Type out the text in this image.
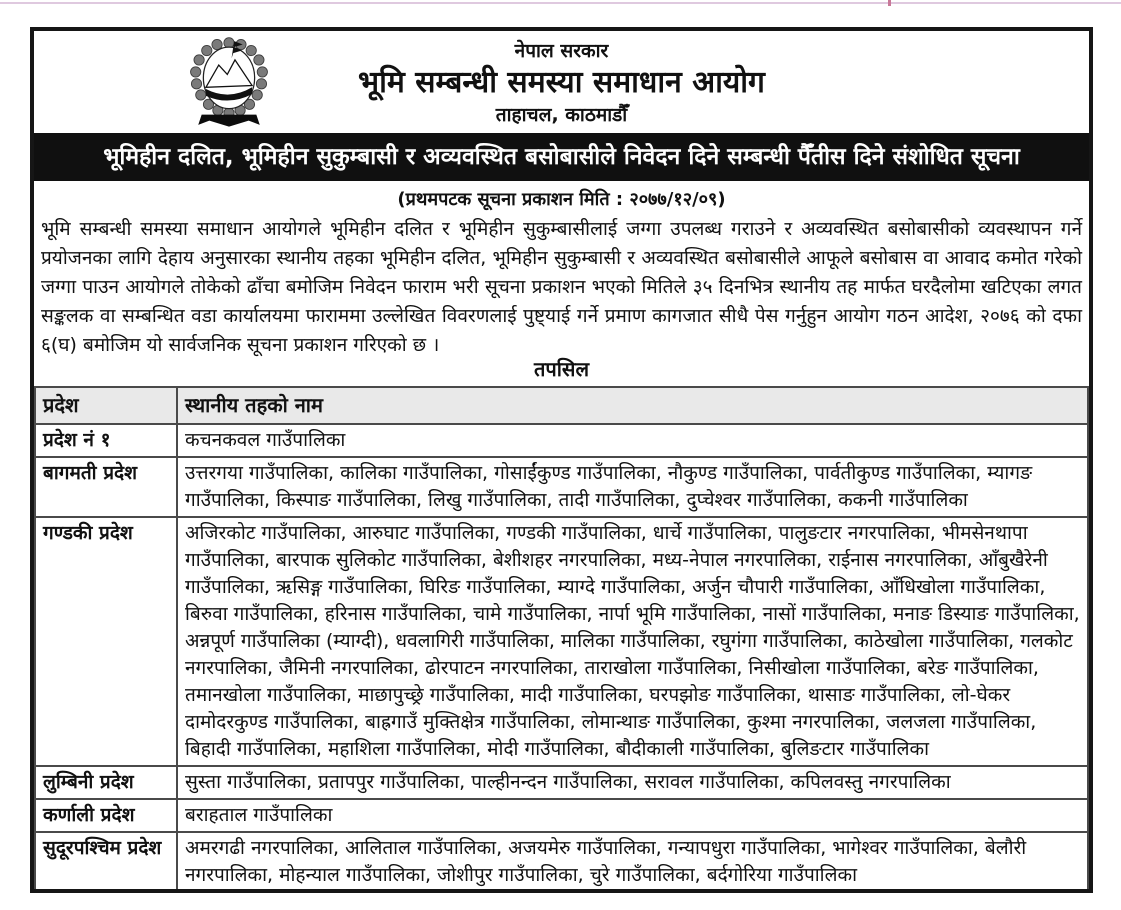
नेपाल सरकार
भूमि सम्बन्धी समस्या समाधान आयोग
ताहाचल, काठमाडौँ
भूमिहीन दलित, भूमिहीन सुकुम्बासी र अव्यवस्थित बसोबासीले निवेदन दिने सम्बन्धी पैँतीस दिने संशोधित सूचना
(प्रथमपटक सूचना प्रकाशन मिति : २०७७/१२/०९)
भूमि सम्बन्धी समस्या समाधान आयोगले भूमिहीन दलित र भूमिहीन सुकुम्बासीलाई जग्गा उपलब्ध गराउने र अव्यवस्थित बसोबासीको व्यवस्थापन गर्ने प्रयोजनका लागि देहाय अनुसारका स्थानीय तहका भूमिहीन दलित, भूमिहीन सुकुम्बासी र अव्यवस्थित बसोबासीले आफूले बसोबास वा आवाद कमोत गरेको जग्गा पाउन आयोगले तोकेको ढाँचा बमोजिम निवेदन फाराम भरी सूचना प्रकाशन भएको मितिले ३५ दिनभित्र स्थानीय तह मार्फत घरदैलोमा खटिएका लगत सङ्कलक वा सम्बन्धित वडा कार्यालयमा फाराममा उल्लेखित विवरणलाई पुष्ट्याई गर्ने प्रमाण कागजात सीधै पेस गर्नुहुन आयोग गठन आदेश, २०७६ को दफा ६(घ) बमोजिम यो सार्वजनिक सूचना प्रकाशन गरिएको छ ।
तपसिल
प्रदेश	स्थानीय तहको नाम
प्रदेश नं १	कचनकवल गाउँपालिका
बागमती प्रदेश	उत्तरगया गाउँपालिका, कालिका गाउँपालिका, गोसाईंकुण्ड गाउँपालिका, नौकुण्ड गाउँपालिका, पार्वतीकुण्ड गाउँपालिका, म्यागङ गाउँपालिका, किस्पाङ गाउँपालिका, लिखु गाउँपालिका, तादी गाउँपालिका, दुप्चेश्वर गाउँपालिका, ककनी गाउँपालिका
गण्डकी प्रदेश	अजिरकोट गाउँपालिका, आरुघाट गाउँपालिका, गण्डकी गाउँपालिका, धार्चे गाउँपालिका, पालुङटार नगरपालिका, भीमसेनथापा गाउँपालिका, बारपाक सुलिकोट गाउँपालिका, बेशीशहर नगरपालिका, मध्य-नेपाल नगरपालिका, राईनास नगरपालिका, आँबुखैरेनी गाउँपालिका, ऋसिङ्ग गाउँपालिका, घिरिङ गाउँपालिका, म्याग्दे गाउँपालिका, अर्जुन चौपारी गाउँपालिका, आँधिखोला गाउँपालिका, बिरुवा गाउँपालिका, हरिनास गाउँपालिका, चामे गाउँपालिका, नार्पा भूमि गाउँपालिका, नासों गाउँपालिका, मनाङ डिस्याङ गाउँपालिका, अन्नपूर्ण गाउँपालिका (म्याग्दी), धवलागिरी गाउँपालिका, मालिका गाउँपालिका, रघुगंगा गाउँपालिका, काठेखोला गाउँपालिका, गलकोट नगरपालिका, जैमिनी नगरपालिका, ढोरपाटन नगरपालिका, ताराखोला गाउँपालिका, निसीखोला गाउँपालिका, बरेङ गाउँपालिका, तमानखोला गाउँपालिका, माछापुच्छ्रे गाउँपालिका, मादी गाउँपालिका, घरपझोङ गाउँपालिका, थासाङ गाउँपालिका, लो-घेकर दामोदरकुण्ड गाउँपालिका, बाह्रगाउँ मुक्तिक्षेत्र गाउँपालिका, लोमान्थाङ गाउँपालिका, कुश्मा नगरपालिका, जलजला गाउँपालिका, बिहादी गाउँपालिका, महाशिला गाउँपालिका, मोदी गाउँपालिका, बौदीकाली गाउँपालिका, बुलिङटार गाउँपालिका
लुम्बिनी प्रदेश	सुस्ता गाउँपालिका, प्रतापपुर गाउँपालिका, पाल्हीनन्दन गाउँपालिका, सरावल गाउँपालिका, कपिलवस्तु नगरपालिका
कर्णाली प्रदेश	बराहताल गाउँपालिका
सुदूरपश्चिम प्रदेश	अमरगढी नगरपालिका, आलिताल गाउँपालिका, अजयमेरु गाउँपालिका, गन्यापधुरा गाउँपालिका, भागेश्वर गाउँपालिका, बेलौरी नगरपालिका, मोहन्याल गाउँपालिका, जोशीपुर गाउँपालिका, चुरे गाउँपालिका, बर्दगोरिया गाउँपालिका
